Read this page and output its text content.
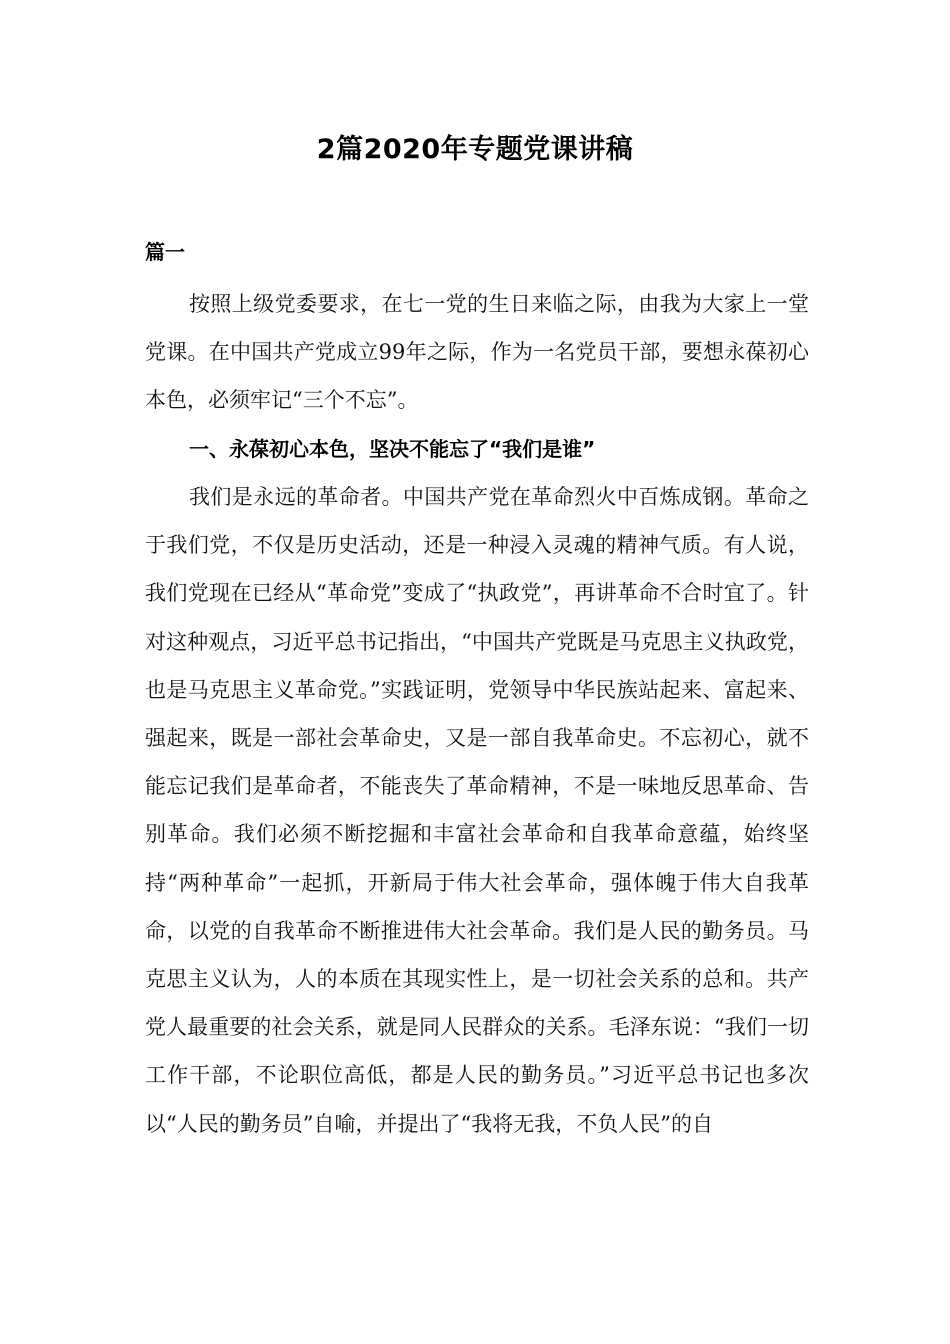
2篇2020年专题党课讲稿
篇一

按照上级党委要求，在七一党的生日来临之际，由我为大家上一堂党课。在中国共产党成立99年之际，作为一名党员干部，要想永葆初心本色，必须牢记“三个不忘”。

一、永葆初心本色，坚决不能忘了“我们是谁”

我们是永远的革命者。中国共产党在革命烈火中百炼成钢。革命之于我们党，不仅是历史活动，还是一种浸入灵魂的精神气质。有人说，我们党现在已经从“革命党”变成了“执政党”，再讲革命不合时宜了。针对这种观点，习近平总书记指出，“中国共产党既是马克思主义执政党，也是马克思主义革命党。”实践证明，党领导中华民族站起来、富起来、强起来，既是一部社会革命史，又是一部自我革命史。不忘初心，就不能忘记我们是革命者，不能丧失了革命精神，不是一味地反思革命、告别革命。我们必须不断挖掘和丰富社会革命和自我革命意蕴，始终坚持“两种革命”一起抓，开新局于伟大社会革命，强体魄于伟大自我革命，以党的自我革命不断推进伟大社会革命。我们是人民的勤务员。马克思主义认为，人的本质在其现实性上，是一切社会关系的总和。共产党人最重要的社会关系，就是同人民群众的关系。毛泽东说：“我们一切工作干部，不论职位高低，都是人民的勤务员。”习近平总书记也多次以“人民的勤务员”自喻，并提出了“我将无我，不负人民”的自
